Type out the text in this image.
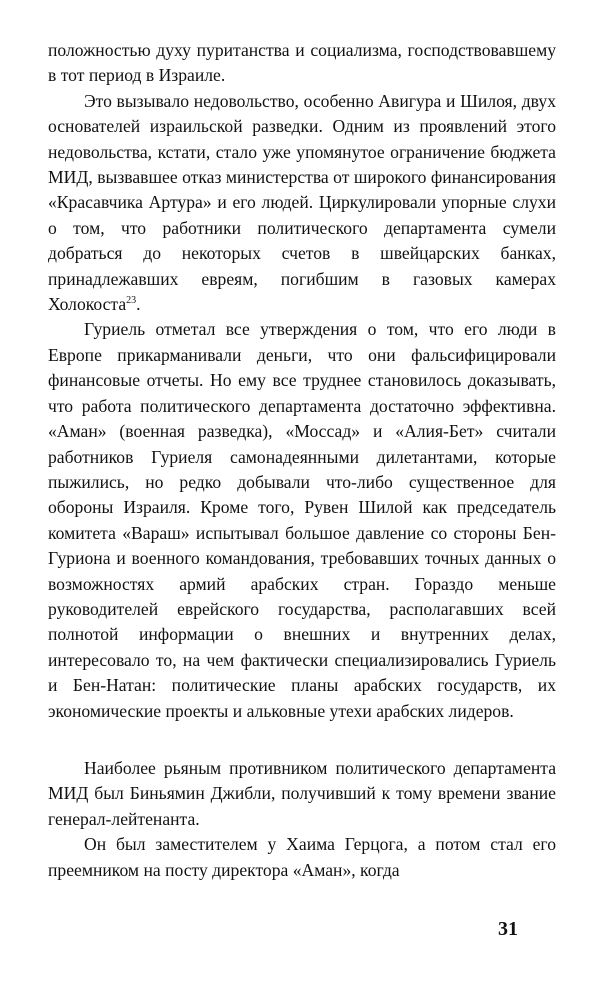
положностью духу пуританства и социализма, господствовавшему в тот период в Израиле.

Это вызывало недовольство, особенно Авигура и Шилоя, двух основателей израильской разведки. Одним из проявлений этого недовольства, кстати, стало уже упомянутое ограничение бюджета МИД, вызвавшее отказ министерства от широкого финансирования «Красавчика Артура» и его людей. Циркулировали упорные слухи о том, что работники политического департамента сумели добраться до некоторых счетов в швейцарских банках, принадлежавших евреям, погибшим в газовых камерах Холокоста$^{23}$.

Гуриель отметал все утверждения о том, что его люди в Европе прикарманивали деньги, что они фальсифицировали финансовые отчеты. Но ему все труднее становилось доказывать, что работа политического департамента достаточно эффективна. «Аман» (военная разведка), «Моссад» и «Алия-Бет» считали работников Гуриеля самонадеянными дилетантами, которые пыжились, но редко добывали что-либо существенное для обороны Израиля. Кроме того, Рувен Шилой как председатель комитета «Вараш» испытывал большое давление со стороны Бен-Гуриона и военного командования, требовавших точных данных о возможностях армий арабских стран. Гораздо меньше руководителей еврейского государства, располагавших всей полнотой информации о внешних и внутренних делах, интересовало то, на чем фактически специализировались Гуриель и Бен-Натан: политические планы арабских государств, их экономические проекты и альковные утехи арабских лидеров.

Наиболее рьяным противником политического департамента МИД был Биньямин Джибли, получивший к тому времени звание генерал-лейтенанта.

Он был заместителем у Хаима Герцога, а потом стал его преемником на посту директора «Аман», когда

31
